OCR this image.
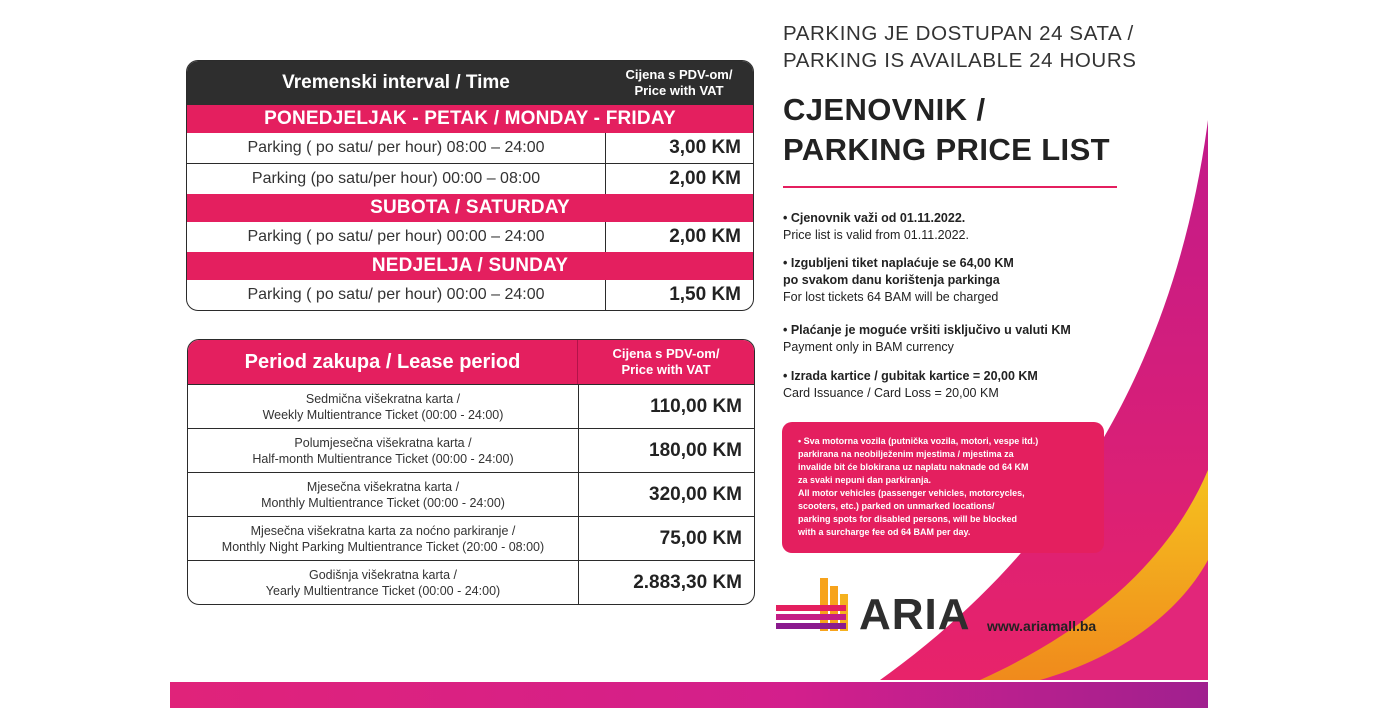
Vremenski interval / Time	Cijena s PDV-om/
Price with VAT
PONEDJELJAK - PETAK / MONDAY - FRIDAY
Parking ( po satu/ per hour) 08:00 – 24:00	3,00 KM
Parking (po satu/per hour) 00:00 – 08:00	2,00 KM
SUBOTA / SATURDAY
Parking ( po satu/ per hour) 00:00 – 24:00	2,00 KM
NEDJELJA / SUNDAY
Parking ( po satu/ per hour) 00:00 – 24:00	1,50 KM
Period zakupa / Lease period	Cijena s PDV-om/
Price with VAT
Sedmična višekratna karta /
Weekly Multientrance Ticket (00:00 - 24:00)	110,00 KM
Polumjesečna višekratna karta /
Half-month Multientrance Ticket (00:00 - 24:00)	180,00 KM
Mjesečna višekratna karta /
Monthly Multientrance Ticket (00:00 - 24:00)	320,00 KM
Mjesečna višekratna karta za noćno parkiranje /
Monthly Night Parking Multientrance Ticket (20:00 - 08:00)	75,00 KM
Godišnja višekratna karta /
Yearly Multientrance Ticket (00:00 - 24:00)	2.883,30 KM
PARKING JE DOSTUPAN 24 SATA /
PARKING IS AVAILABLE 24 HOURS
CJENOVNIK /
PARKING PRICE LIST
• Cjenovnik važi od 01.11.2022.
Price list is valid from 01.11.2022.
• Izgubljeni tiket naplaćuje se 64,00 KM
po svakom danu korištenja parkinga
For lost tickets 64 BAM will be charged
• Plaćanje je moguće vršiti isključivo u valuti KM
Payment only in BAM currency
• Izrada kartice / gubitak kartice = 20,00 KM
Card Issuance / Card Loss = 20,00 KM
• Sva motorna vozila (putnička vozila, motori, vespe itd.)
parkirana na neobilježenim mjestima / mjestima za
invalide bit će blokirana uz naplatu naknade od 64 KM
za svaki nepuni dan parkiranja.
All motor vehicles (passenger vehicles, motorcycles,
scooters, etc.) parked on unmarked locations/
parking spots for disabled persons, will be blocked
with a surcharge fee od 64 BAM per day.
ARIA www.ariamall.ba
